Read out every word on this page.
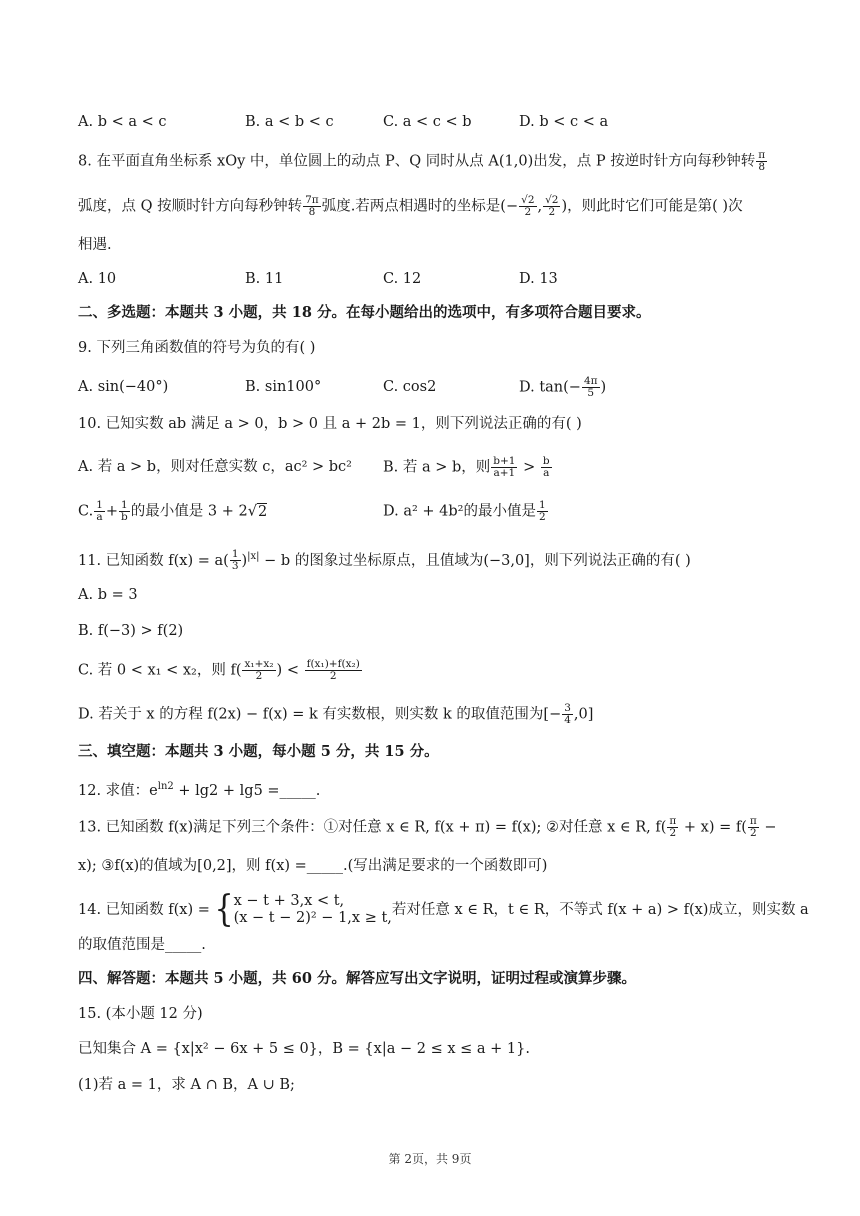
A. b < a < c	B. a < b < c	C. a < c < b	D. b < c < a
8. 在平面直角坐标系 xOy 中，单位圆上的动点 P、Q 同时从点 A(1,0)出发，点 P 按逆时针方向每秒钟转 $\frac{\pi}{8}$
弧度，点 Q 按顺时针方向每秒钟转 $\frac{7\pi}{8}$ 弧度.若两点相遇时的坐标是(− $\frac{√2}{2}$ , $\frac{√2}{2}$ )，则此时它们可能是第( )次
相遇.
A. 10	B. 11	C. 12	D. 13
二、多选题：本题共 3 小题，共 18 分。在每小题给出的选项中，有多项符合题目要求。
9. 下列三角函数值的符号为负的有( )
A. sin(−40°)	B. sin100°	C. cos2	D. $\tan(- \frac{4\pi}{5}$ )
10. 已知实数 ab 满足 a > 0，b > 0 且 a + 2b = 1，则下列说法正确的有( )
A. 若 a > b，则对任意实数 c，ac² > bc² B. 若 a > b，则 $\frac{b+1}{a+1} > \frac{b}{a}$
C. $\frac{1}{a} + \frac{1}{b}$ 的最小值是 3 + 2√2	D. a² + 4b²的最小值是 $\frac{1}{2}$
11. 已知函数 $f(x) = a( \frac{1}{3} )^{|x|} - b$ 的图象过坐标原点，且值域为(−3,0]，则下列说法正确的有( )
A. b = 3
B. f(−3) > f(2)
C. 若 0 < x₁ < x₂，则 $f( \frac{\text{x₁+x₂}}{2}$ ) < $\frac{\text{f(x₁)+f(x₂)}}{2}$
D. 若关于 x 的方程 f(2x) − f(x) = k 有实数根，则实数 k 的取值范围为[− $\frac{3}{4} ,0$]
三、填空题：本题共 3 小题，每小题 5 分，共 15 分。
12. 求值：$e^{ln2} + \lg 2 + \lg 5$ =_____.
13. 已知函数 f(x)满足下列三个条件：①对任意 x ∈ R, f(x + π) = f(x); ②对任意 x ∈ R, $f( \frac{\pi}{2} + x) = f( \frac{\pi}{2}$ −
x); ③f(x)的值域为[0,2]，则 f(x) =_____.(写出满足要求的一个函数即可)
14. 已知函数 f(x) = { x − t + 3,x < t,
(x − t − 2)² − 1,x ≥ t, 若对任意 x ∈ R，t ∈ R，不等式 f(x + a) > f(x)成立，则实数 a
的取值范围是_____.
四、解答题：本题共 5 小题，共 60 分。解答应写出文字说明，证明过程或演算步骤。
15. (本小题 12 分)
已知集合 A = {x|x² − 6x + 5 ≤ 0}，B = {x|a − 2 ≤ x ≤ a + 1}.
(1)若 a = 1，求 A ∩ B，A ∪ B;
第 2页，共 9页
